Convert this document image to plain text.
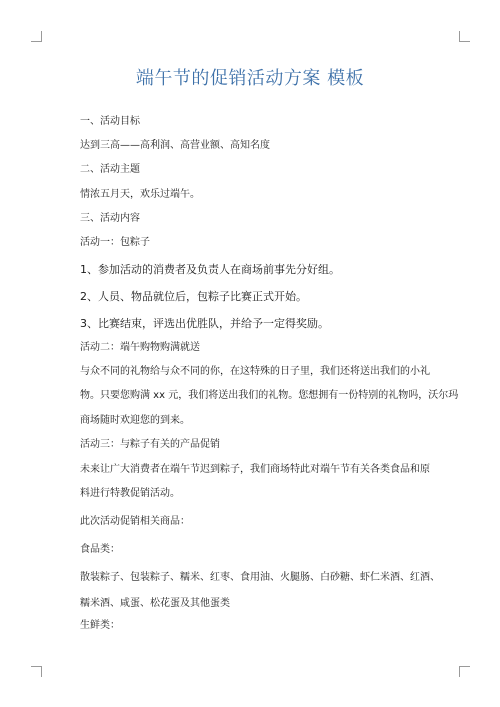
端午节的促销活动方案 模板
一、活动目标
达到三高——高利润、高营业额、高知名度
二、活动主题
情浓五月天，欢乐过端午。
三、活动内容
活动一：包粽子
1、参加活动的消费者及负责人在商场前事先分好组。
2、人员、物品就位后，包粽子比赛正式开始。
3、比赛结束，评选出优胜队，并给予一定得奖励。
活动二：端午购物购满就送
与众不同的礼物给与众不同的你，在这特殊的日子里，我们还将送出我们的小礼
物。只要您购满 xx 元，我们将送出我们的礼物。您想拥有一份特别的礼物吗，沃尔玛
商场随时欢迎您的到来。
活动三：与粽子有关的产品促销
未来让广大消费者在端午节迟到粽子，我们商场特此对端午节有关各类食品和原
料进行特教促销活动。
此次活动促销相关商品：
食品类：
散装粽子、包装粽子、糯米、红枣、食用油、火腿肠、白砂糖、虾仁米酒、红酒、
糯米酒、咸蛋、松花蛋及其他蛋类
生鲜类：
